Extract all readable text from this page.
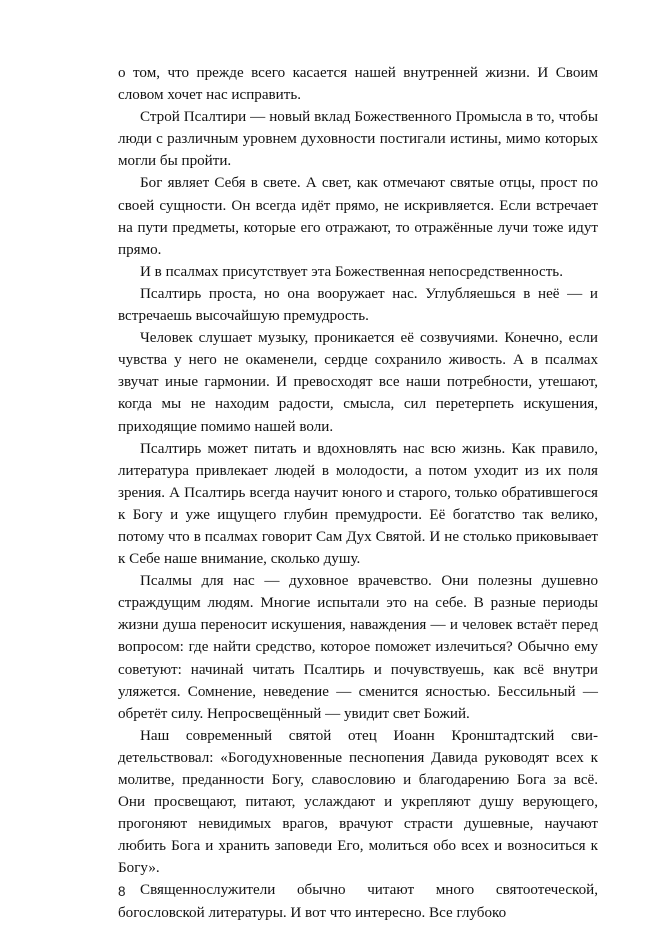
о том, что прежде всего касается нашей внутренней жизни. И Своим словом хочет нас исправить.

Строй Псалтири — новый вклад Божественного Промысла в то, чтобы люди с различным уровнем духовности постигали истины, мимо которых могли бы пройти.

Бог являет Себя в свете. А свет, как отмечают святые отцы, прост по своей сущности. Он всегда идёт прямо, не искривляется. Если встречает на пути предметы, которые его отражают, то отражённые лучи тоже идут прямо.

И в псалмах присутствует эта Божественная непосредственность.

Псалтирь проста, но она вооружает нас. Углубляешься в неё — и встречаешь высочайшую премудрость.

Человек слушает музыку, проникается её созвучиями. Конечно, если чувства у него не окаменели, сердце сохранило живость. А в псалмах звучат иные гармонии. И превосходят все наши потребности, утешают, когда мы не находим радости, смысла, сил перетерпеть искушения, приходящие помимо нашей воли.

Псалтирь может питать и вдохновлять нас всю жизнь. Как правило, литература привлекает людей в молодости, а потом уходит из их поля зрения. А Псалтирь всегда научит юного и старого, только обратившегося к Богу и уже ищущего глубин премудрости. Её богатство так велико, потому что в псалмах говорит Сам Дух Святой. И не столько приковывает к Себе наше внимание, сколько душу.

Псалмы для нас — духовное врачевство. Они полезны душевно страждущим людям. Многие испытали это на себе. В разные периоды жизни душа переносит искушения, наваждения — и человек встаёт перед вопросом: где найти средство, которое поможет излечиться? Обычно ему советуют: начинай читать Псалтирь и почувствуешь, как всё внутри уляжется. Сомнение, неведение — сменится ясностью. Бессильный — обретёт силу. Непросвещённый — увидит свет Божий.

Наш современный святой отец Иоанн Кронштадтский свидетельствовал: «Богодухновенные песнопения Давида руководят всех к молитве, преданности Богу, славословию и благодарению Бога за всё. Они просвещают, питают, услаждают и укрепляют душу верующего, прогоняют невидимых врагов, врачуют страсти душевные, научают любить Бога и хранить заповеди Его, молиться обо всех и возноситься к Богу».

Священнослужители обычно читают много святоотеческой, богословской литературы. И вот что интересно. Все глубоко

8
